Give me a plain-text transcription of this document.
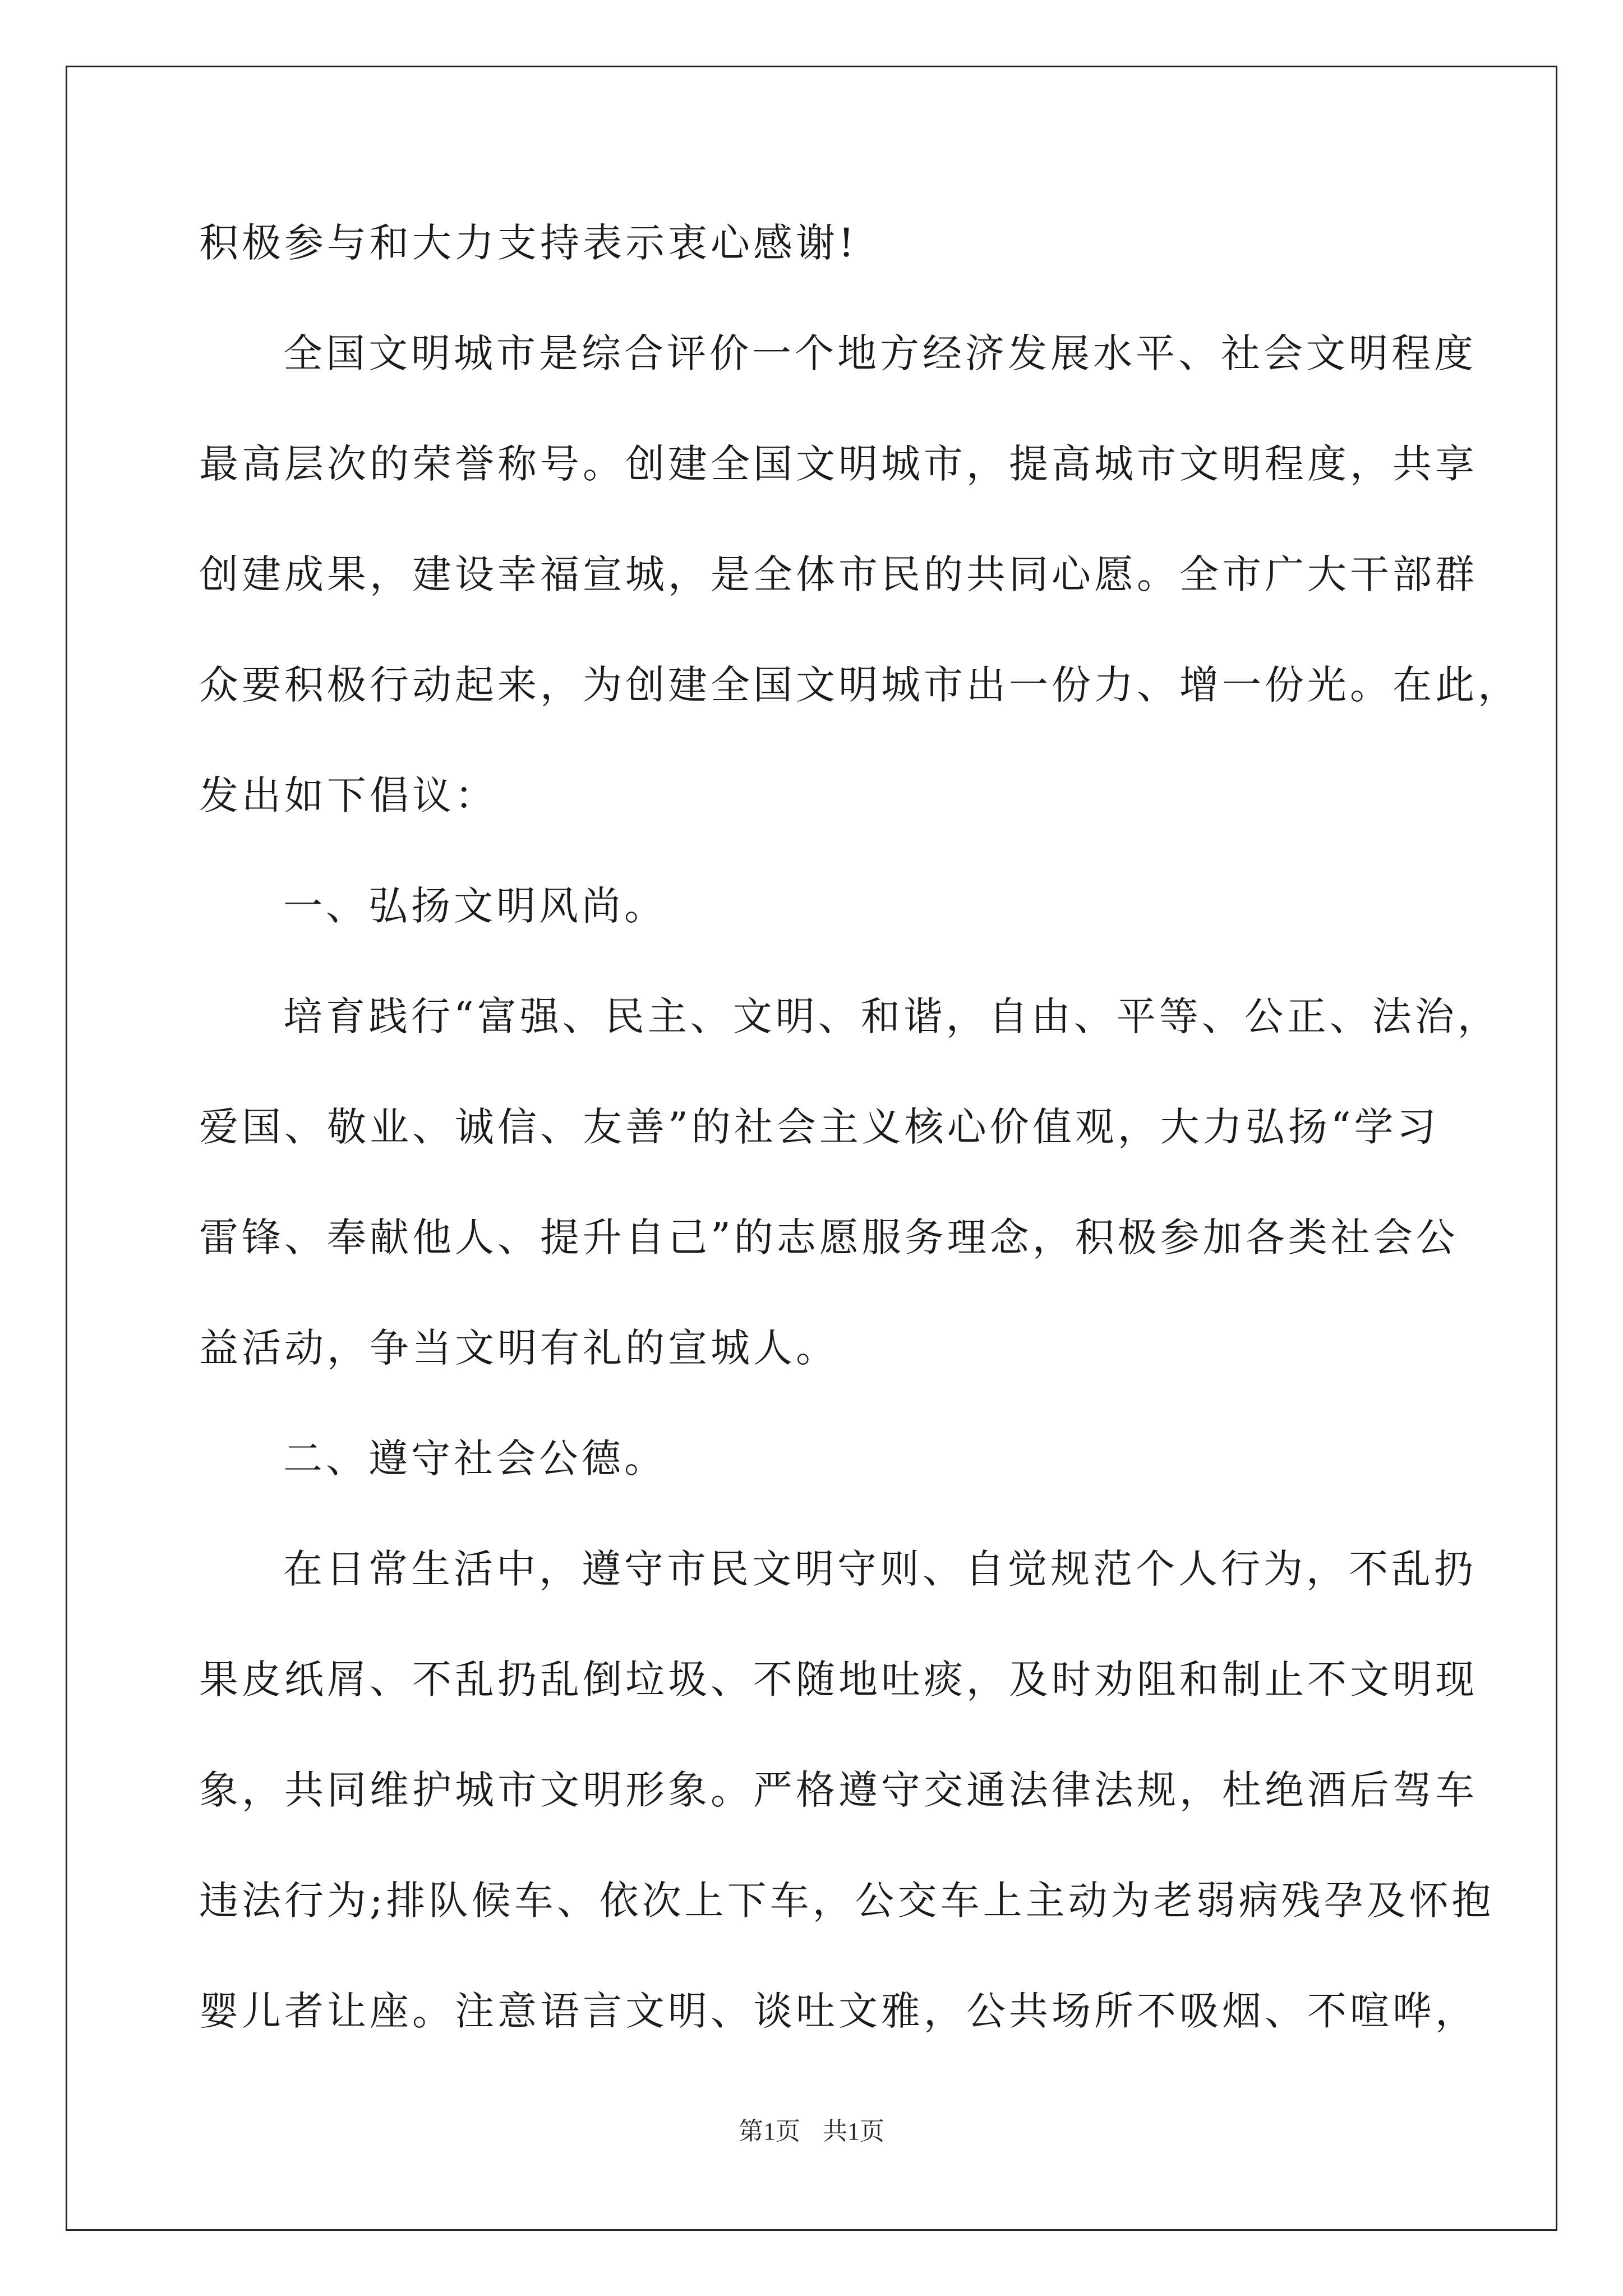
积极参与和大力支持表示衷心感谢!

全国文明城市是综合评价一个地方经济发展水平、社会文明程度

最高层次的荣誉称号。创建全国文明城市，提高城市文明程度，共享

创建成果，建设幸福宣城，是全体市民的共同心愿。全市广大干部群

众要积极行动起来，为创建全国文明城市出一份力、增一份光。在此，

发出如下倡议：

一、弘扬文明风尚。

培育践行“富强、民主、文明、和谐，自由、平等、公正、法治，

爱国、敬业、诚信、友善”的社会主义核心价值观，大力弘扬“学习

雷锋、奉献他人、提升自己”的志愿服务理念，积极参加各类社会公

益活动，争当文明有礼的宣城人。

二、遵守社会公德。

在日常生活中，遵守市民文明守则、自觉规范个人行为，不乱扔

果皮纸屑、不乱扔乱倒垃圾、不随地吐痰，及时劝阻和制止不文明现

象，共同维护城市文明形象。严格遵守交通法律法规，杜绝酒后驾车

违法行为;排队候车、依次上下车，公交车上主动为老弱病残孕及怀抱

婴儿者让座。注意语言文明、谈吐文雅，公共场所不吸烟、不喧哗，

第1页 共1页
